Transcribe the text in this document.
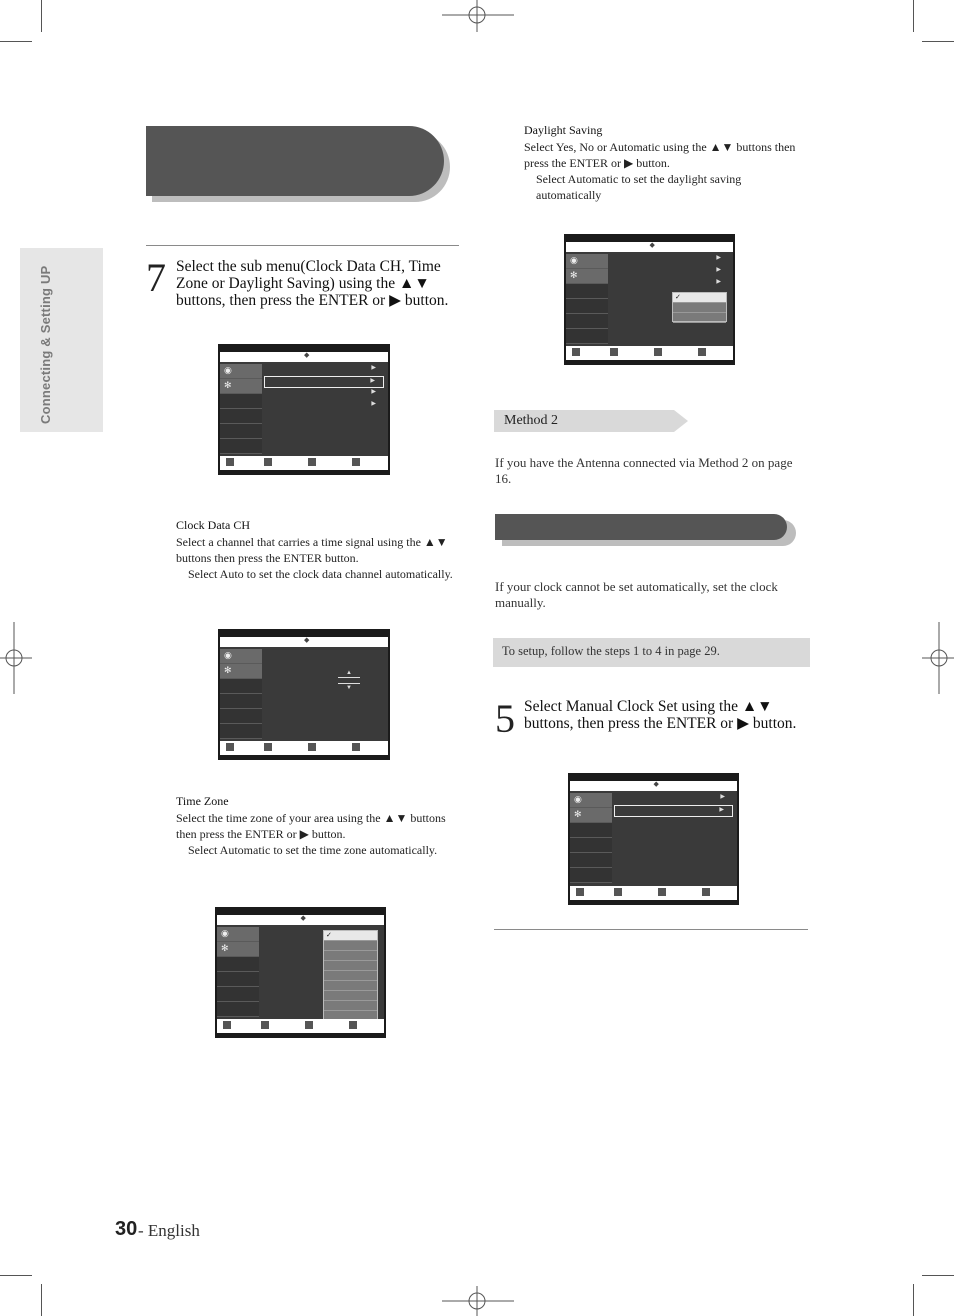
Connecting & Setting UP	7 Select the sub menu(Clock Data CH, Time Zone or Daylight Saving) using the ▲▼ buttons, then press the ENTER or ▶ button.
◆
◉
✻
▶
▶
▶
▶
Clock Data CH
Select a channel that carries a time signal using the ▲▼ buttons then press the ENTER button.
Select Auto to set the clock data channel automatically.
◆
◉
✻	▲
▼
Time Zone
Select the time zone of your area using the ▲▼ buttons then press the ENTER or ▶ button.
Select Automatic to set the time zone automatically.
◆
◉
✻
✓
Daylight Saving
Select Yes, No or Automatic using the ▲▼ buttons then press the ENTER or ▶ button.
Select Automatic to set the daylight saving automatically
◆
◉
✻
▶
▶
▶
✓
Method 2
If you have the Antenna connected via Method 2 on page 16.
If your clock cannot be set automatically, set the clock manually.
To setup, follow the steps 1 to 4 in page 29.
5 Select Manual Clock Set using the ▲▼ buttons, then press the ENTER or ▶ button.
◆
◉
✻
▶
▶
30 - English
